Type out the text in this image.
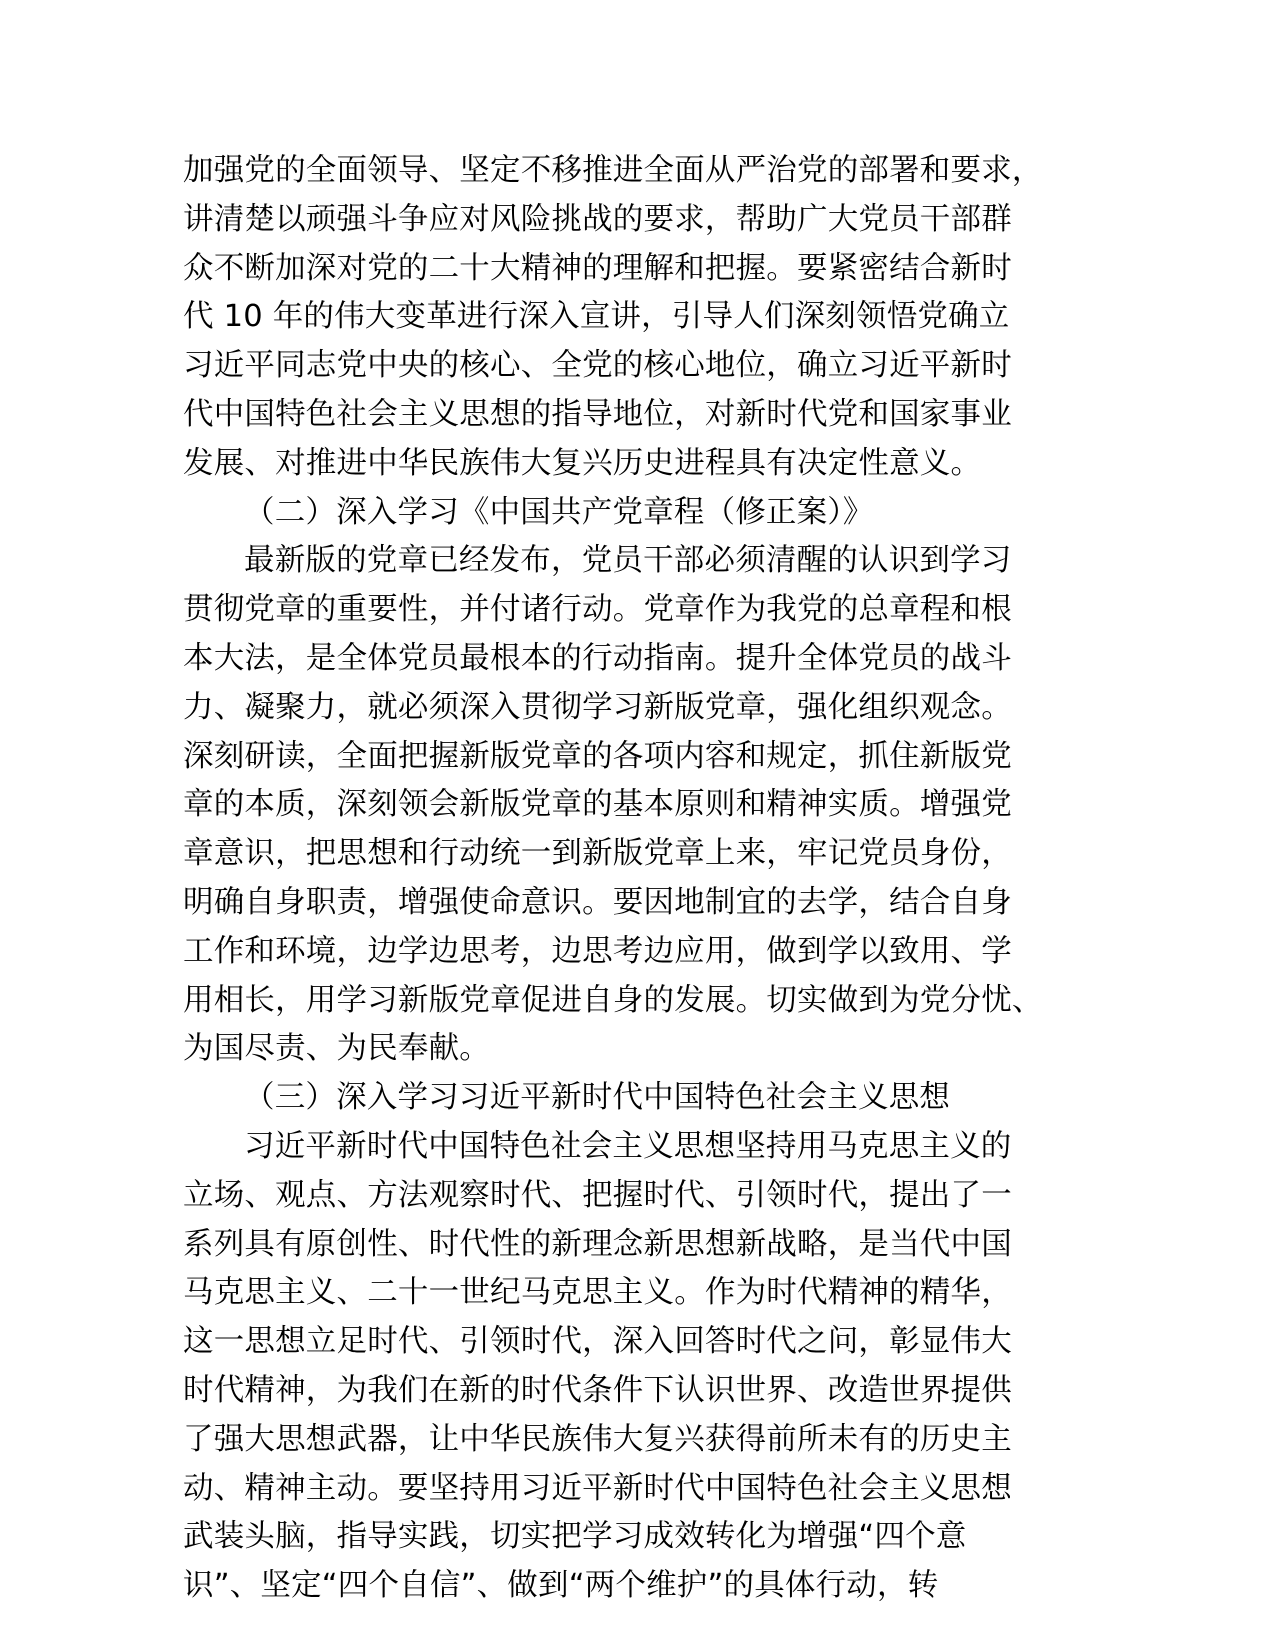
加强党的全面领导、坚定不移推进全面从严治党的部署和要求，
讲清楚以顽强斗争应对风险挑战的要求，帮助广大党员干部群
众不断加深对党的二十大精神的理解和把握。要紧密结合新时
代 10 年的伟大变革进行深入宣讲，引导人们深刻领悟党确立
习近平同志党中央的核心、全党的核心地位，确立习近平新时
代中国特色社会主义思想的指导地位，对新时代党和国家事业
发展、对推进中华民族伟大复兴历史进程具有决定性意义。
（二）深入学习《中国共产党章程（修正案）》
最新版的党章已经发布，党员干部必须清醒的认识到学习
贯彻党章的重要性，并付诸行动。党章作为我党的总章程和根
本大法，是全体党员最根本的行动指南。提升全体党员的战斗
力、凝聚力，就必须深入贯彻学习新版党章，强化组织观念。
深刻研读，全面把握新版党章的各项内容和规定，抓住新版党
章的本质，深刻领会新版党章的基本原则和精神实质。增强党
章意识，把思想和行动统一到新版党章上来，牢记党员身份，
明确自身职责，增强使命意识。要因地制宜的去学，结合自身
工作和环境，边学边思考，边思考边应用，做到学以致用、学
用相长，用学习新版党章促进自身的发展。切实做到为党分忧、
为国尽责、为民奉献。
（三）深入学习习近平新时代中国特色社会主义思想
习近平新时代中国特色社会主义思想坚持用马克思主义的
立场、观点、方法观察时代、把握时代、引领时代，提出了一
系列具有原创性、时代性的新理念新思想新战略，是当代中国
马克思主义、二十一世纪马克思主义。作为时代精神的精华，
这一思想立足时代、引领时代，深入回答时代之问，彰显伟大
时代精神，为我们在新的时代条件下认识世界、改造世界提供
了强大思想武器，让中华民族伟大复兴获得前所未有的历史主
动、精神主动。要坚持用习近平新时代中国特色社会主义思想
武装头脑，指导实践，切实把学习成效转化为增强“四个意
识”、坚定“四个自信”、做到“两个维护”的具体行动，转
